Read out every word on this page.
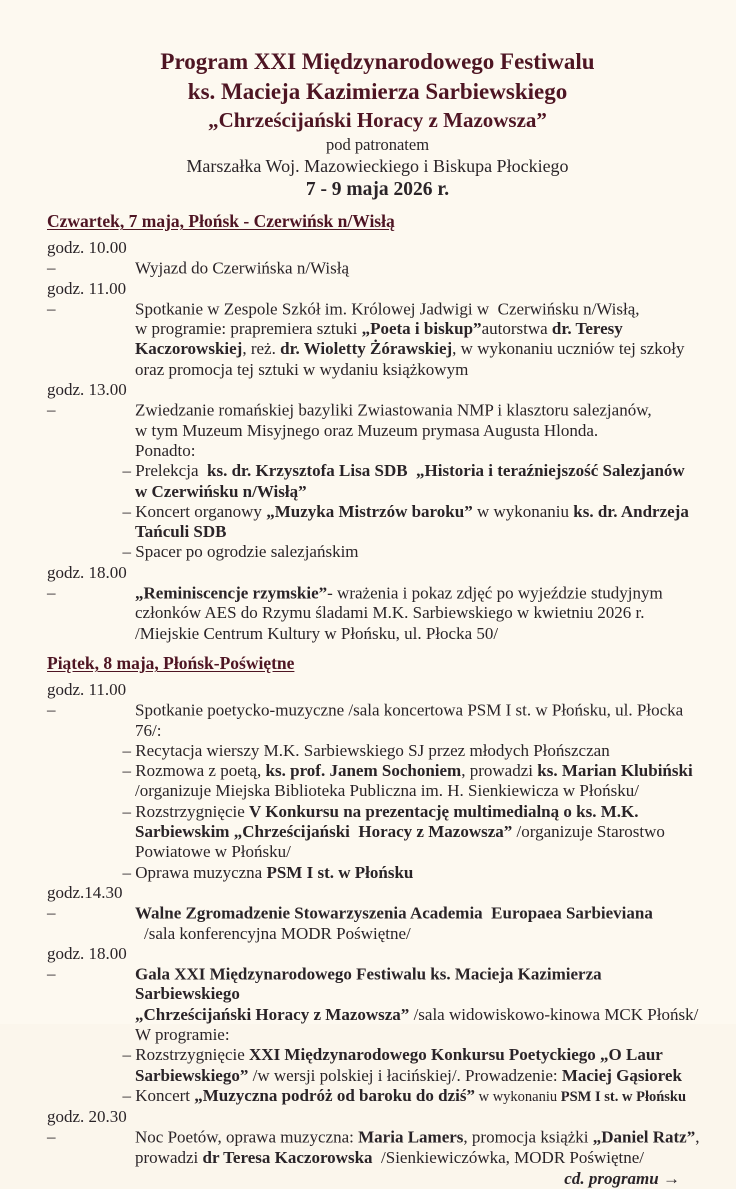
Program XXI Międzynarodowego Festiwalu
ks. Macieja Kazimierza Sarbiewskiego
„Chrześcijański Horacy z Mazowsza”

pod patronatem

Marszałka Woj. Mazowieckiego i Biskupa Płockiego

7 - 9 maja 2026 r.

Czwartek, 7 maja, Płońsk - Czerwińsk n/Wisłą

godz. 10.00 –	Wyjazd do Czerwińska n/Wisłą

godz. 11.00 –	Spotkanie w Zespole Szkół im. Królowej Jadwigi w  Czerwińsku n/Wisłą,

w programie: prapremiera sztuki „Poeta i biskup”autorstwa dr. Teresy

Kaczorowskiej, reż. dr. Wioletty Żórawskiej, w wykonaniu uczniów tej szkoły

oraz promocja tej sztuki w wydaniu książkowym

godz. 13.00 –	Zwiedzanie romańskiej bazyliki Zwiastowania NMP i klasztoru salezjanów,

w tym Muzeum Misyjnego oraz Muzeum prymasa Augusta Hlonda.

Ponadto:

– Prelekcja  ks. dr. Krzysztofa Lisa SDB  „Historia i teraźniejszość Salezjanów

w Czerwińsku n/Wisłą”

– Koncert organowy „Muzyka Mistrzów baroku” w wykonaniu ks. dr. Andrzeja

Tańculi SDB

– Spacer po ogrodzie salezjańskim

godz. 18.00 –	„Reminiscencje rzymskie”- wrażenia i pokaz zdjęć po wyjeździe studyjnym

członków AES do Rzymu śladami M.K. Sarbiewskiego w kwietniu 2026 r.

/Miejskie Centrum Kultury w Płońsku, ul. Płocka 50/

Piątek, 8 maja, Płońsk-Poświętne

godz. 11.00 –	Spotkanie poetycko-muzyczne /sala koncertowa PSM I st. w Płońsku, ul. Płocka 76/:

– Recytacja wierszy M.K. Sarbiewskiego SJ przez młodych Płońszczan

– Rozmowa z poetą, ks. prof. Janem Sochoniem, prowadzi ks. Marian Klubiński

/organizuje Miejska Biblioteka Publiczna im. H. Sienkiewicza w Płońsku/

– Rozstrzygnięcie V Konkursu na prezentację multimedialną o ks. M.K.

Sarbiewskim „Chrześcijański  Horacy z Mazowsza” /organizuje Starostwo

Powiatowe w Płońsku/

– Oprawa muzyczna PSM I st. w Płońsku

godz.14.30 –	Walne Zgromadzenie Stowarzyszenia Academia  Europaea Sarbieviana

/sala konferencyjna MODR Poświętne/

godz. 18.00 –	Gala XXI Międzynarodowego Festiwalu ks. Macieja Kazimierza Sarbiewskiego

„Chrześcijański Horacy z Mazowsza” /sala widowiskowo-kinowa MCK Płońsk/

W programie:

– Rozstrzygnięcie XXI Międzynarodowego Konkursu Poetyckiego „O Laur

Sarbiewskiego” /w wersji polskiej i łacińskiej/. Prowadzenie: Maciej Gąsiorek

– Koncert „Muzyczna podróż od baroku do dziś” w wykonaniu PSM I st. w Płońsku

godz. 20.30 –	Noc Poetów, oprawa muzyczna: Maria Lamers, promocja książki „Daniel Ratz”,

prowadzi dr Teresa Kaczorowska  /Sienkiewiczówka, MODR Poświętne/

cd. programu →
